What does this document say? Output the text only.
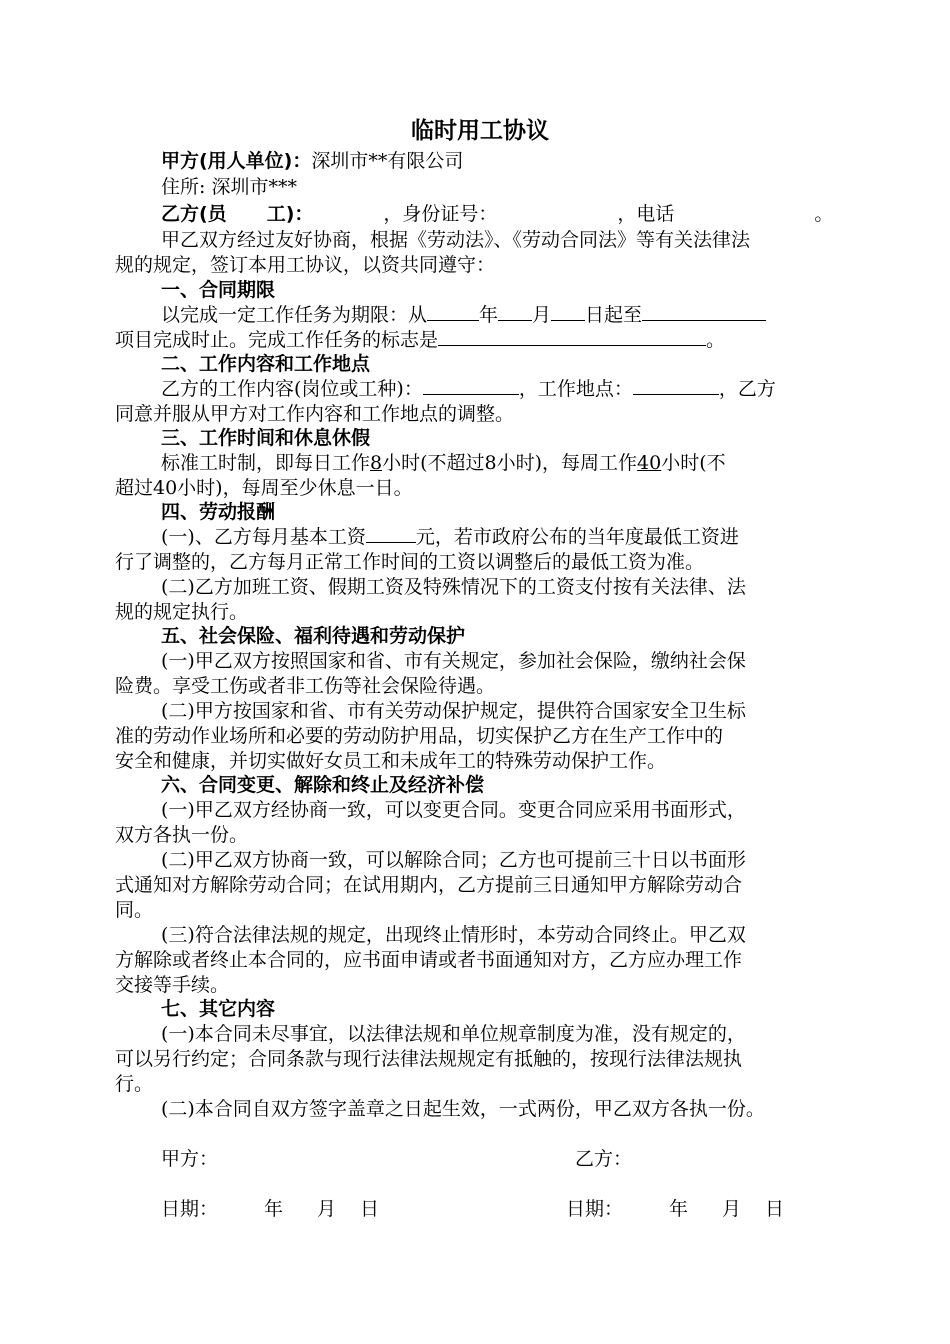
临时用工协议
甲方(用人单位)：深圳市**有限公司
住所: 深圳市***
乙方(员 工)：	，身份证号：	，电话	。
甲乙双方经过友好协商，根据《劳动法》、《劳动合同法》等有关法律法
规的规定，签订本用工协议，以资共同遵守：
一、合同期限
以完成一定工作任务为期限：从	年 月 日起至
项目完成时止。完成工作任务的标志是	。
二、工作内容和工作地点
乙方的工作内容(岗位或工种)：	，工作地点：	，乙方
同意并服从甲方对工作内容和工作地点的调整。
三、工作时间和休息休假
标准工时制，即每日工作8小时(不超过8小时)，每周工作40小时(不
超过40小时)，每周至少休息一日。
四、劳动报酬
(一)、乙方每月基本工资	元，若市政府公布的当年度最低工资进
行了调整的，乙方每月正常工作时间的工资以调整后的最低工资为准。
(二)乙方加班工资、假期工资及特殊情况下的工资支付按有关法律、法
规的规定执行。
五、社会保险、福利待遇和劳动保护
(一)甲乙双方按照国家和省、市有关规定，参加社会保险，缴纳社会保
险费。享受工伤或者非工伤等社会保险待遇。
(二)甲方按国家和省、市有关劳动保护规定，提供符合国家安全卫生标
准的劳动作业场所和必要的劳动防护用品，切实保护乙方在生产工作中的
安全和健康，并切实做好女员工和未成年工的特殊劳动保护工作。
六、合同变更、解除和终止及经济补偿
(一)甲乙双方经协商一致，可以变更合同。变更合同应采用书面形式，
双方各执一份。
(二)甲乙双方协商一致，可以解除合同；乙方也可提前三十日以书面形
式通知对方解除劳动合同；在试用期内，乙方提前三日通知甲方解除劳动合
同。
(三)符合法律法规的规定，出现终止情形时，本劳动合同终止。甲乙双
方解除或者终止本合同的，应书面申请或者书面通知对方，乙方应办理工作
交接等手续。
七、其它内容
(一)本合同未尽事宜，以法律法规和单位规章制度为准，没有规定的，
可以另行约定；合同条款与现行法律法规规定有抵触的，按现行法律法规执
行。
(二)本合同自双方签字盖章之日起生效，一式两份，甲乙双方各执一份。
甲方：	乙方：
日期： 年 月 日	日期： 年 月 日
